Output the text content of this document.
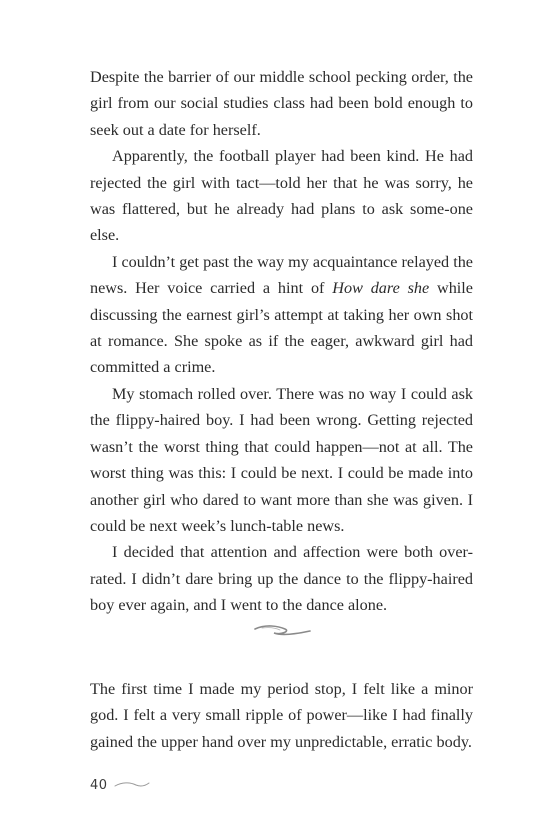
Despite the barrier of our middle school pecking order, the girl from our social studies class had been bold enough to seek out a date for herself.

Apparently, the football player had been kind. He had rejected the girl with tact—told her that he was sorry, he was flattered, but he already had plans to ask some-one else.

I couldn’t get past the way my acquaintance relayed the news. Her voice carried a hint of How dare she while discussing the earnest girl’s attempt at taking her own shot at romance. She spoke as if the eager, awkward girl had committed a crime.

My stomach rolled over. There was no way I could ask the flippy-haired boy. I had been wrong. Getting rejected wasn’t the worst thing that could happen—not at all. The worst thing was this: I could be next. I could be made into another girl who dared to want more than she was given. I could be next week’s lunch-table news.

I decided that attention and affection were both over-rated. I didn’t dare bring up the dance to the flippy-haired boy ever again, and I went to the dance alone.

The first time I made my period stop, I felt like a minor god. I felt a very small ripple of power—like I had finally gained the upper hand over my unpredictable, erratic body.

40
